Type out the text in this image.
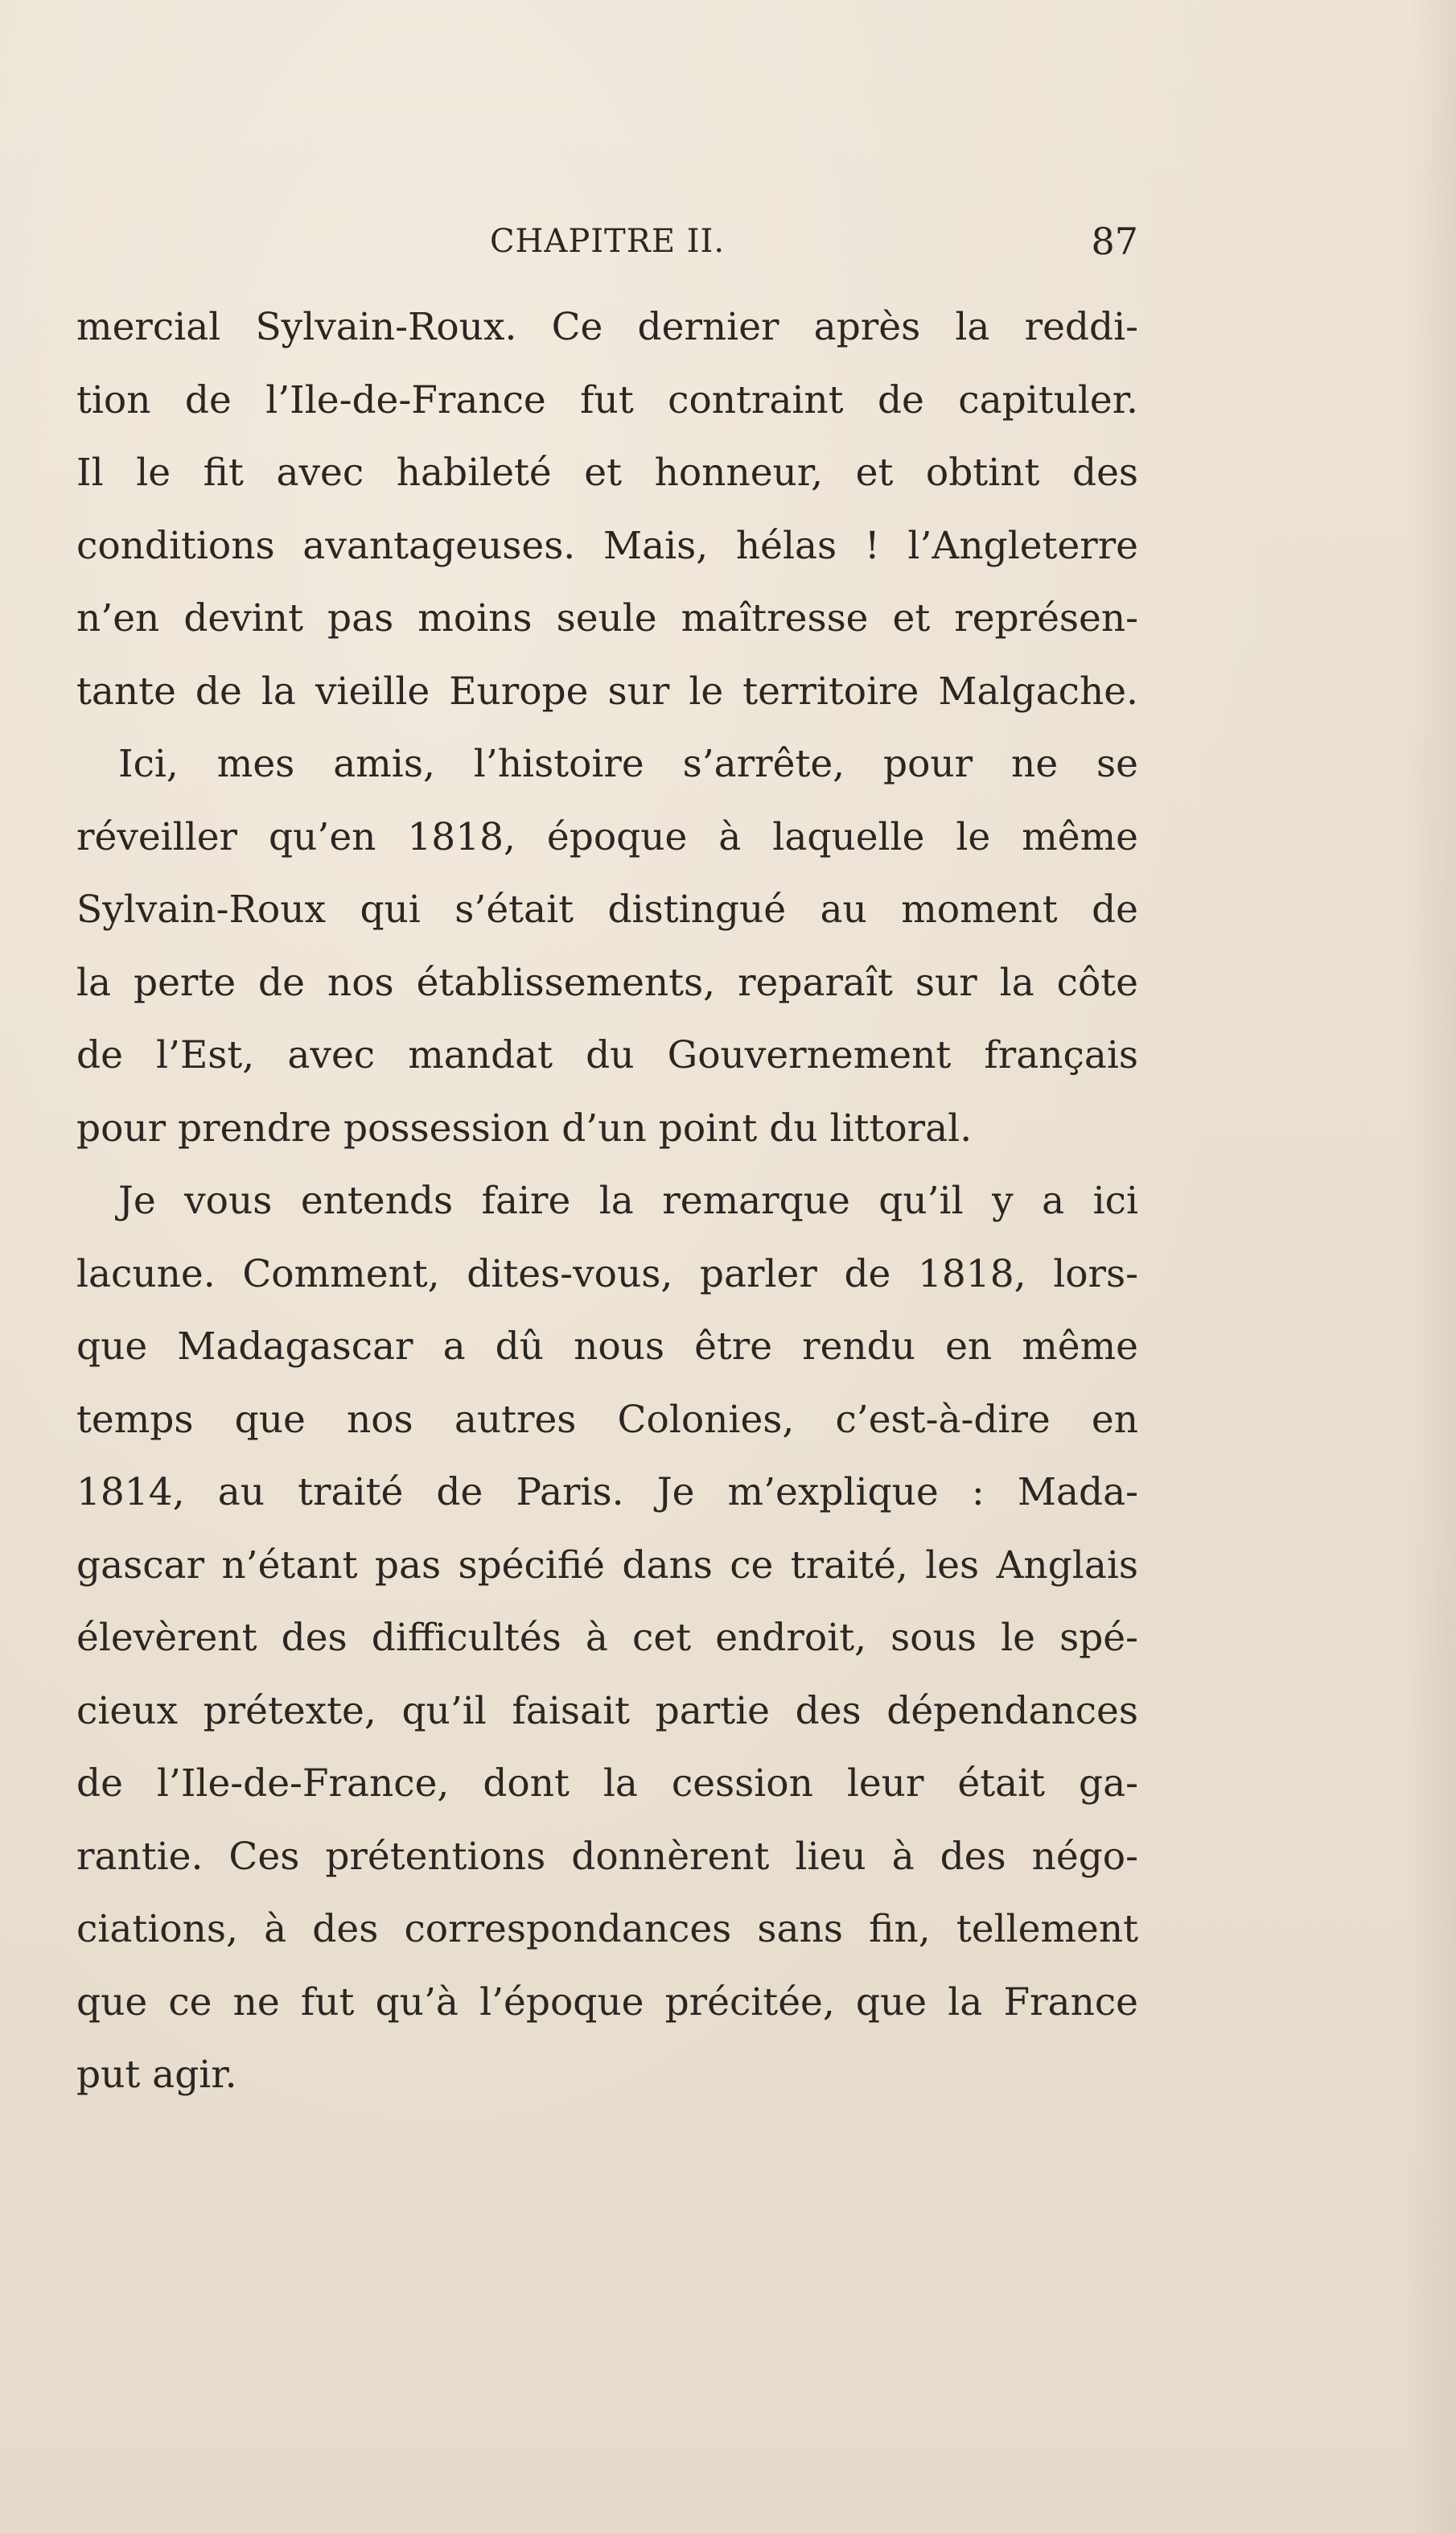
CHAPITRE II.	87
mercial Sylvain-Roux. Ce dernier après la reddi-
tion de l’Ile-de-France fut contraint de capituler.
Il le fit avec habileté et honneur, et obtint des
conditions avantageuses. Mais, hélas ! l’Angleterre
n’en devint pas moins seule maîtresse et représen-
tante de la vieille Europe sur le territoire Malgache.
Ici, mes amis, l’histoire s’arrête, pour ne se
réveiller qu’en 1818, époque à laquelle le même
Sylvain-Roux qui s’était distingué au moment de
la perte de nos établissements, reparaît sur la côte
de l’Est, avec mandat du Gouvernement français
pour prendre possession d’un point du littoral.
Je vous entends faire la remarque qu’il y a ici
lacune. Comment, dites-vous, parler de 1818, lors-
que Madagascar a dû nous être rendu en même
temps que nos autres Colonies, c’est-à-dire en
1814, au traité de Paris. Je m’explique : Mada-
gascar n’étant pas spécifié dans ce traité, les Anglais
élevèrent des difficultés à cet endroit, sous le spé-
cieux prétexte, qu’il faisait partie des dépendances
de l’Ile-de-France, dont la cession leur était ga-
rantie. Ces prétentions donnèrent lieu à des négo-
ciations, à des correspondances sans fin, tellement
que ce ne fut qu’à l’époque précitée, que la France
put agir.
